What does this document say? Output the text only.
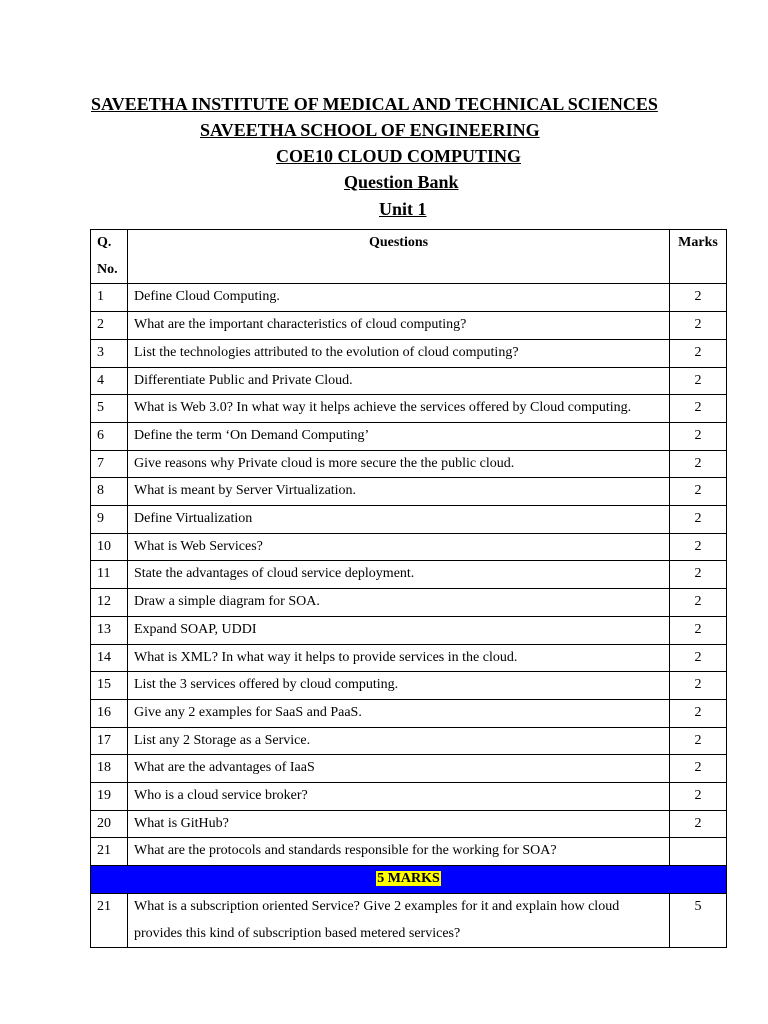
SAVEETHA INSTITUTE OF MEDICAL AND TECHNICAL SCIENCES
SAVEETHA SCHOOL OF ENGINEERING
COE10 CLOUD COMPUTING
Question Bank
Unit 1
Q.
No.	Questions	Marks
1	Define Cloud Computing.	2
2	What are the important characteristics of cloud computing?	2
3	List the technologies attributed to the evolution of cloud computing?	2
4	Differentiate Public and Private Cloud.	2
5	What is Web 3.0? In what way it helps achieve the services offered by Cloud computing.	2
6	Define the term ‘On Demand Computing’	2
7	Give reasons why Private cloud is more secure the the public cloud.	2
8	What is meant by Server Virtualization.	2
9	Define Virtualization	2
10	What is Web Services?	2
11	State the advantages of cloud service deployment.	2
12	Draw a simple diagram for SOA.	2
13	Expand SOAP, UDDI	2
14	What is XML? In what way it helps to provide services in the cloud.	2
15	List the 3 services offered by cloud computing.	2
16	Give any 2 examples for SaaS and PaaS.	2
17	List any 2 Storage as a Service.	2
18	What are the advantages of IaaS	2
19	Who is a cloud service broker?	2
20	What is GitHub?	2
21	What are the protocols and standards responsible for the working for SOA?	
5 MARKS		
21	What is a subscription oriented Service? Give 2 examples for it and explain how cloud provides this kind of subscription based metered services?	5
